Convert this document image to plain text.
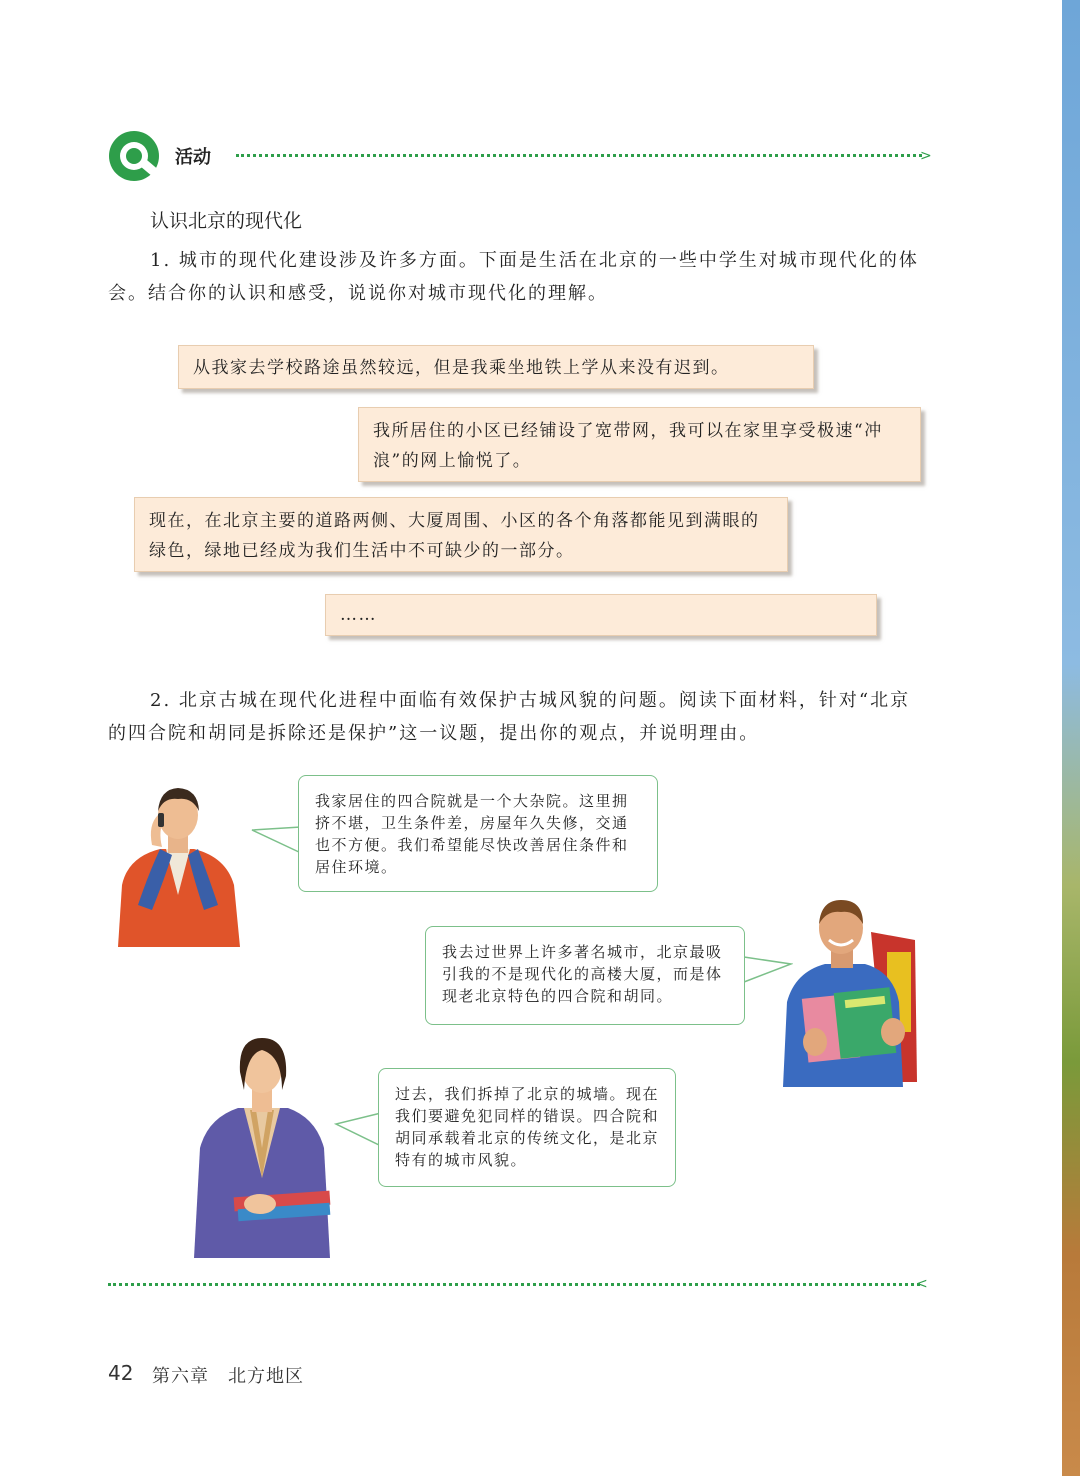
活动	>
认识北京的现代化
1. 城市的现代化建设涉及许多方面。下面是生活在北京的一些中学生对城市现代化的体会。结合你的认识和感受，说说你对城市现代化的理解。
从我家去学校路途虽然较远，但是我乘坐地铁上学从来没有迟到。
我所居住的小区已经铺设了宽带网，我可以在家里享受极速“冲浪”的网上愉悦了。
现在，在北京主要的道路两侧、大厦周围、小区的各个角落都能见到满眼的绿色，绿地已经成为我们生活中不可缺少的一部分。
……
2. 北京古城在现代化进程中面临有效保护古城风貌的问题。阅读下面材料，针对“北京的四合院和胡同是拆除还是保护”这一议题，提出你的观点，并说明理由。
我家居住的四合院就是一个大杂院。这里拥挤不堪，卫生条件差，房屋年久失修，交通也不方便。我们希望能尽快改善居住条件和居住环境。
我去过世界上许多著名城市，北京最吸引我的不是现代化的高楼大厦，而是体现老北京特色的四合院和胡同。
过去，我们拆掉了北京的城墙。现在我们要避免犯同样的错误。四合院和胡同承载着北京的传统文化，是北京特有的城市风貌。
<
42 第六章　北方地区
